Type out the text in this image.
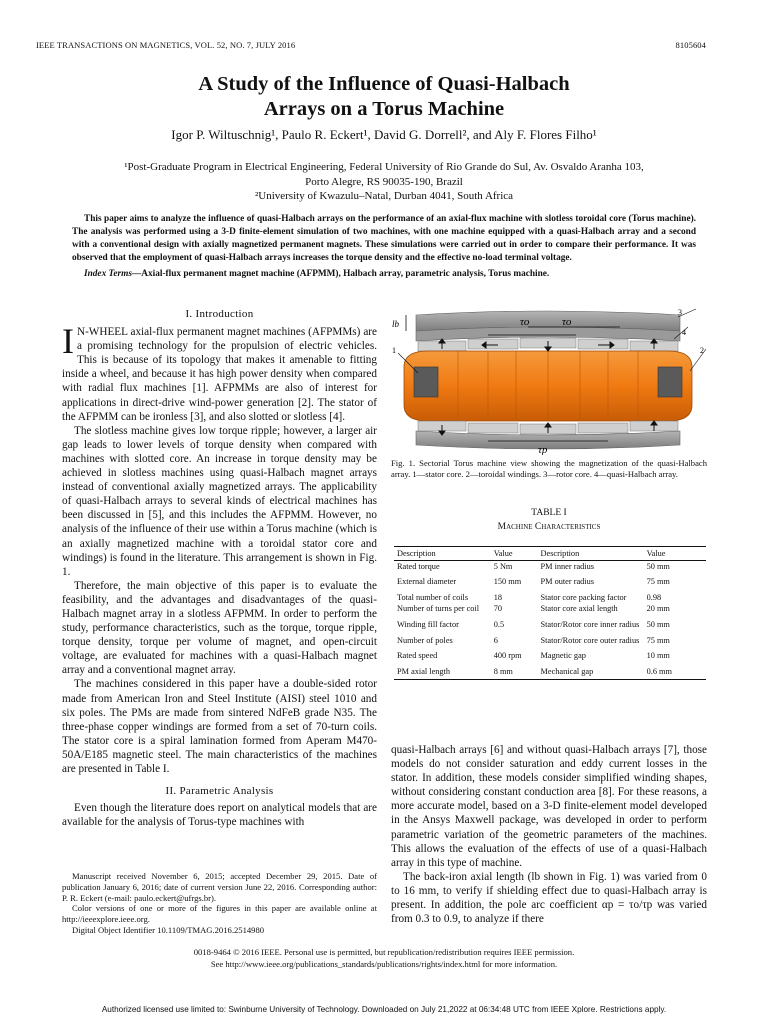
IEEE TRANSACTIONS ON MAGNETICS, VOL. 52, NO. 7, JULY 2016	8105604
A Study of the Influence of Quasi-Halbach
Arrays on a Torus Machine
Igor P. Wiltuschnig¹, Paulo R. Eckert¹, David G. Dorrell², and Aly F. Flores Filho¹
¹Post-Graduate Program in Electrical Engineering, Federal University of Rio Grande do Sul, Av. Osvaldo Aranha 103,
Porto Alegre, RS 90035-190, Brazil
²University of Kwazulu–Natal, Durban 4041, South Africa

This paper aims to analyze the influence of quasi-Halbach arrays on the performance of an axial-flux machine with slotless toroidal core (Torus machine). The analysis was performed using a 3-D finite-element simulation of two machines, with one machine equipped with a quasi-Halbach array and a second with a conventional design with axially magnetized permanent magnets. These simulations were carried out in order to compare their performance. It was observed that the employment of quasi-Halbach arrays increases the torque density and the effective no-load terminal voltage.

Index Terms—Axial-flux permanent magnet machine (AFPMM), Halbach array, parametric analysis, Torus machine.

I. Introduction

I N-WHEEL axial-flux permanent magnet machines (AFPMMs) are a promising technology for the propulsion of electric vehicles. This is because of its topology that makes it amenable to fitting inside a wheel, and because it has high power density when compared with radial flux machines [1]. AFPMMs are also of interest for applications in direct-drive wind-power generation [2]. The stator of the AFPMM can be ironless [3], and also slotted or slotless [4].

The slotless machine gives low torque ripple; however, a larger air gap leads to lower levels of torque density when compared with machines with slotted core. An increase in torque density may be achieved in slotless machines using quasi-Halbach magnet arrays instead of conventional axially magnetized arrays. The applicability of quasi-Halbach arrays to several kinds of electrical machines has been discussed in [5], and this includes the AFPMM. However, no analysis of the influence of their use within a Torus machine (which is an axially magnetized machine with a toroidal stator core and windings) is found in the literature. This arrangement is shown in Fig. 1.

Therefore, the main objective of this paper is to evaluate the feasibility, and the advantages and disadvantages of the quasi-Halbach magnet array in a slotless AFPMM. In order to perform the study, performance characteristics, such as the torque, torque ripple, torque density, torque per volume of magnet, and open-circuit voltage, are evaluated for machines with a quasi-Halbach magnet array and a conventional magnet array.

The machines considered in this paper have a double-sided rotor made from American Iron and Steel Institute (AISI) steel 1010 and six poles. The PMs are made from sintered NdFeB grade N35. The three-phase copper windings are formed from a set of 70-turn coils. The stator core is a spiral lamination formed from Aperam M470-50A/E185 magnetic steel. The main characteristics of the machines are presented in Table I.

II. Parametric Analysis

Even though the literature does report on analytical models that are available for the analysis of Torus-type machines with

Manuscript received November 6, 2015; accepted December 29, 2015. Date of publication January 6, 2016; date of current version June 22, 2016. Corresponding author: P. R. Eckert (e-mail: paulo.eckert@ufrgs.br).

Color versions of one or more of the figures in this paper are available online at http://ieeexplore.ieee.org.

Digital Object Identifier 10.1109/TMAG.2016.2514980

lb	τo	τo
τp
1	2
3
4
Fig. 1. Sectorial Torus machine view showing the magnetization of the quasi-Halbach array. 1—stator core. 2—toroidal windings. 3—rotor core. 4—quasi-Halbach array.
TABLE I
Machine Characteristics
Description	Value	Description	Value
Rated torque	5 Nm	PM inner radius	50 mm
External diameter	150 mm	PM outer radius	75 mm
Total number of coils	18	Stator core packing factor	0.98
Number of turns per coil	70	Stator core axial length	20 mm
Winding fill factor	0.5	Stator/Rotor core inner radius	50 mm
Number of poles	6	Stator/Rotor core outer radius	75 mm
Rated speed	400 rpm	Magnetic gap	10 mm
PM axial length	8 mm	Mechanical gap	0.6 mm

quasi-Halbach arrays [6] and without quasi-Halbach arrays [7], those models do not consider saturation and eddy current losses in the stator. In addition, these models consider simplified winding shapes, without considering constant conduction area [8]. For these reasons, a more accurate model, based on a 3-D finite-element model developed in the Ansys Maxwell package, was developed in order to perform parametric variation of the geometric parameters of the machines. This allows the evaluation of the effects of use of a quasi-Halbach array in this type of machine.

The back-iron axial length (lb shown in Fig. 1) was varied from 0 to 16 mm, to verify if shielding effect due to quasi-Halbach array is present. In addition, the pole arc coefficient αp = τo/τp was varied from 0.3 to 0.9, to analyze if there

0018-9464 © 2016 IEEE. Personal use is permitted, but republication/redistribution requires IEEE permission.
See http://www.ieee.org/publications_standards/publications/rights/index.html for more information.
Authorized licensed use limited to: Swinburne University of Technology. Downloaded on July 21,2022 at 06:34:48 UTC from IEEE Xplore. Restrictions apply.
